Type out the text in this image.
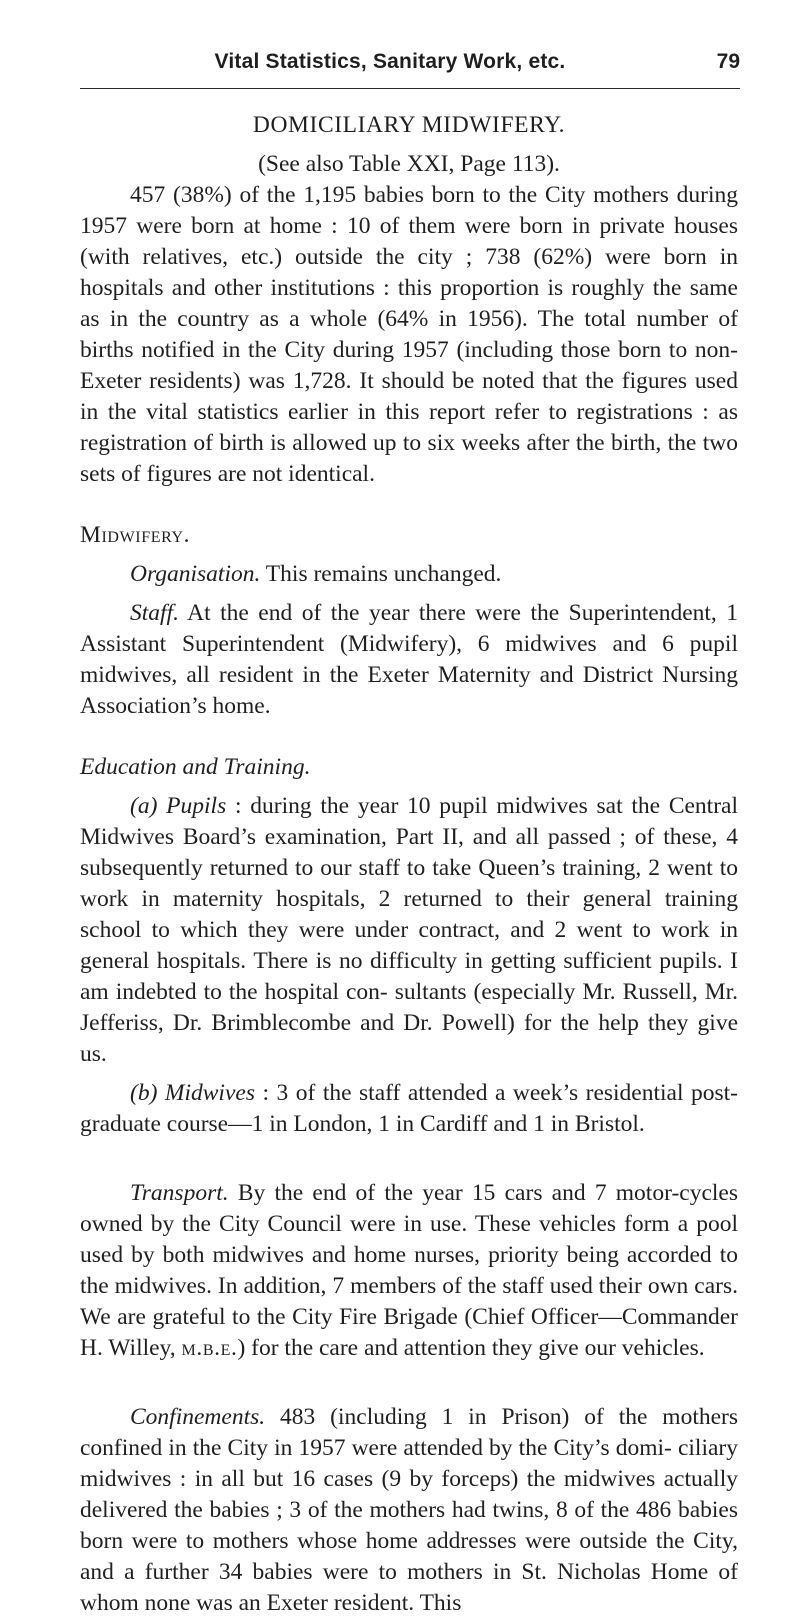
Vital Statistics, Sanitary Work, etc.	79

DOMICILIARY MIDWIFERY.

(See also Table XXI, Page 113).

457 (38%) of the 1,195 babies born to the City mothers during 1957 were born at home : 10 of them were born in private houses (with relatives, etc.) outside the city ; 738 (62%) were born in hospitals and other institutions : this proportion is roughly the same as in the country as a whole (64% in 1956). The total number of births notified in the City during 1957 (including those born to non-Exeter residents) was 1,728. It should be noted that the figures used in the vital statistics earlier in this report refer to registrations : as registration of birth is allowed up to six weeks after the birth, the two sets of figures are not identical.

Midwifery.

Organisation. This remains unchanged.

Staff. At the end of the year there were the Superintendent, 1 Assistant Superintendent (Midwifery), 6 midwives and 6 pupil midwives, all resident in the Exeter Maternity and District Nursing Association’s home.

Education and Training.

(a) Pupils : during the year 10 pupil midwives sat the Central Midwives Board’s examination, Part II, and all passed ; of these, 4 subsequently returned to our staff to take Queen’s training, 2 went to work in maternity hospitals, 2 returned to their general training school to which they were under contract, and 2 went to work in general hospitals. There is no difficulty in getting sufficient pupils. I am indebted to the hospital con- sultants (especially Mr. Russell, Mr. Jefferiss, Dr. Brimblecombe and Dr. Powell) for the help they give us.

(b) Midwives : 3 of the staff attended a week’s residential post-graduate course—1 in London, 1 in Cardiff and 1 in Bristol.

Transport. By the end of the year 15 cars and 7 motor-cycles owned by the City Council were in use. These vehicles form a pool used by both midwives and home nurses, priority being accorded to the midwives. In addition, 7 members of the staff used their own cars. We are grateful to the City Fire Brigade (Chief Officer—Commander H. Willey, m.b.e.) for the care and attention they give our vehicles.

Confinements. 483 (including 1 in Prison) of the mothers confined in the City in 1957 were attended by the City’s domi- ciliary midwives : in all but 16 cases (9 by forceps) the midwives actually delivered the babies ; 3 of the mothers had twins, 8 of the 486 babies born were to mothers whose home addresses were outside the City, and a further 34 babies were to mothers in St. Nicholas Home of whom none was an Exeter resident. This
